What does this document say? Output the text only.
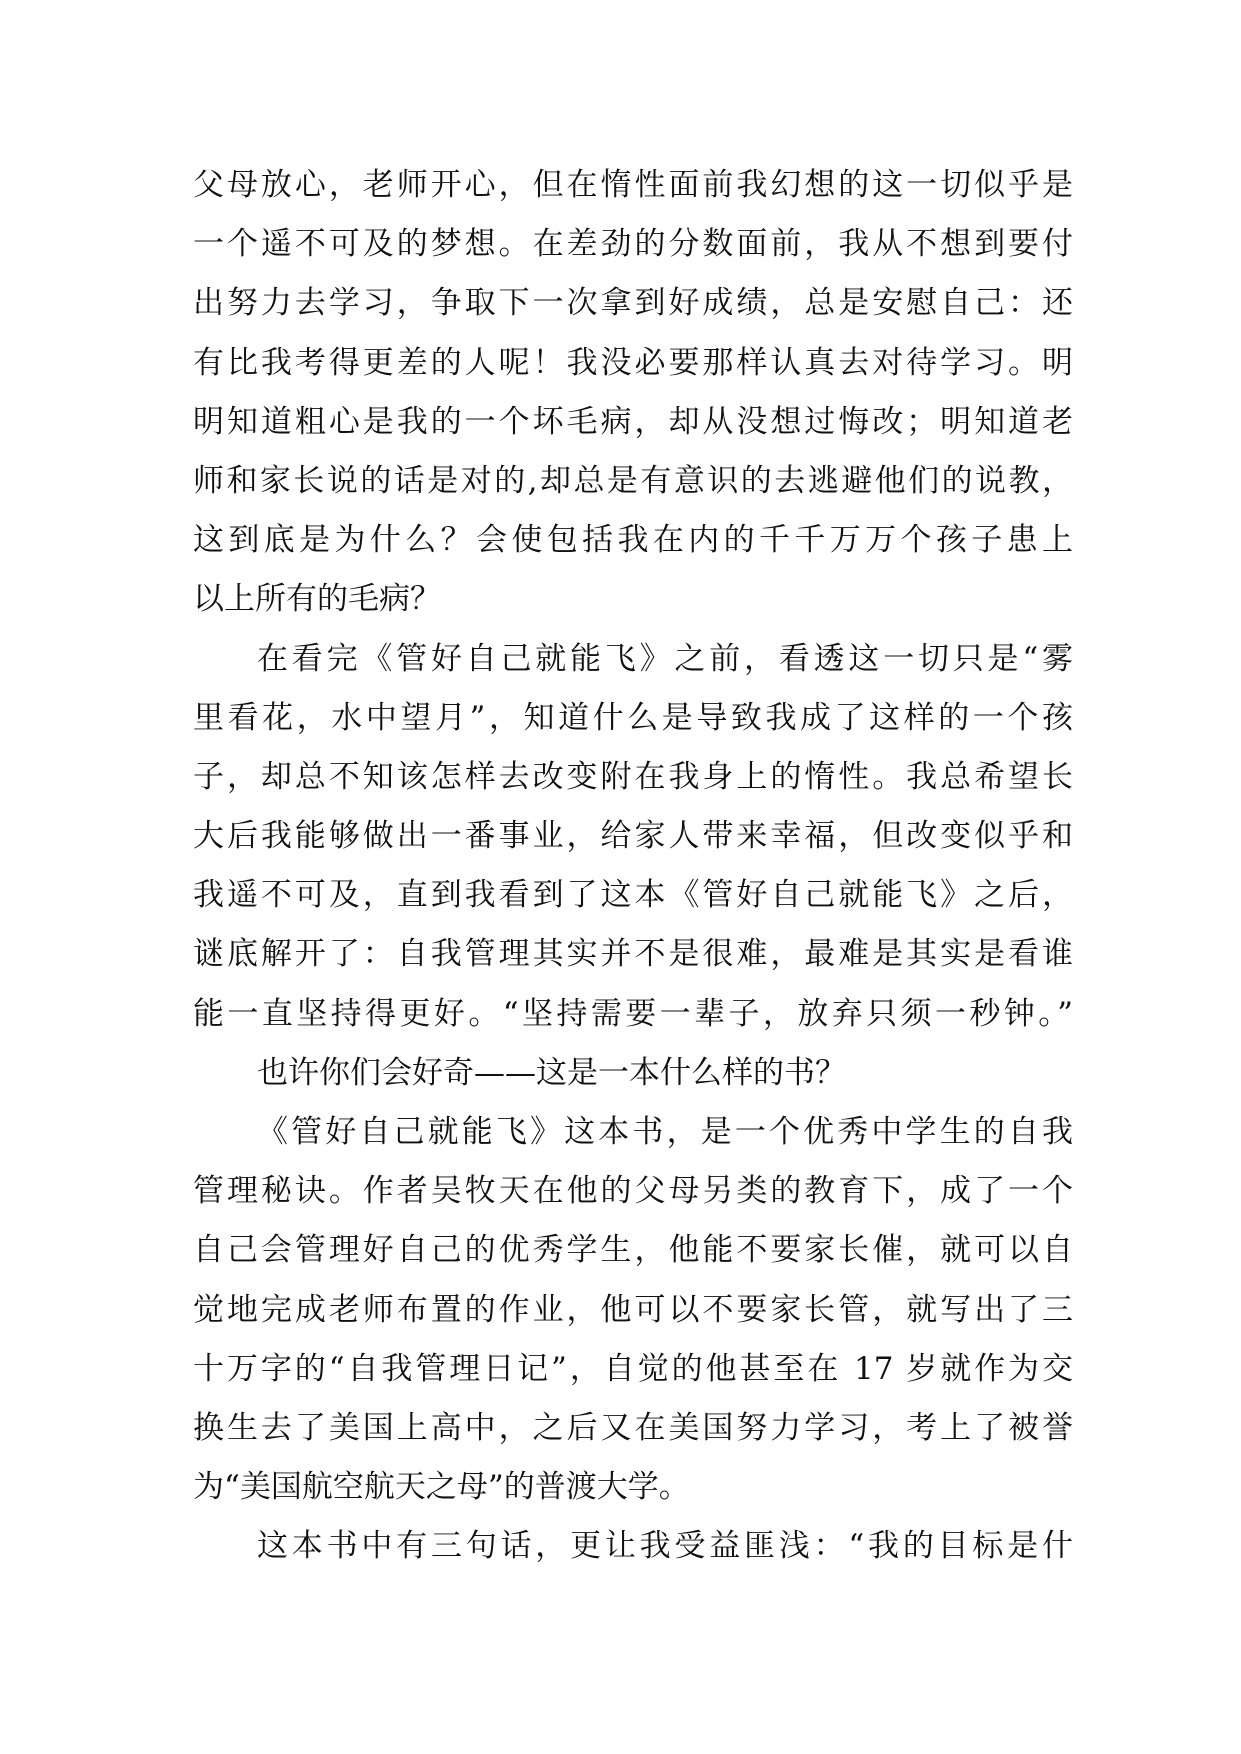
父母放心，老师开心，但在惰性面前我幻想的这一切似乎是
一个遥不可及的梦想。在差劲的分数面前，我从不想到要付
出努力去学习，争取下一次拿到好成绩，总是安慰自己：还
有比我考得更差的人呢！我没必要那样认真去对待学习。明
明知道粗心是我的一个坏毛病，却从没想过悔改；明知道老
师和家长说的话是对的,却总是有意识的去逃避他们的说教，
这到底是为什么？会使包括我在内的千千万万个孩子患上
以上所有的毛病？
在看完《管好自己就能飞》之前，看透这一切只是“雾
里看花，水中望月”，知道什么是导致我成了这样的一个孩
子，却总不知该怎样去改变附在我身上的惰性。我总希望长
大后我能够做出一番事业，给家人带来幸福，但改变似乎和
我遥不可及，直到我看到了这本《管好自己就能飞》之后，
谜底解开了：自我管理其实并不是很难，最难是其实是看谁
能一直坚持得更好。“坚持需要一辈子，放弃只须一秒钟。”
也许你们会好奇——这是一本什么样的书？
《管好自己就能飞》这本书，是一个优秀中学生的自我
管理秘诀。作者吴牧天在他的父母另类的教育下，成了一个
自己会管理好自己的优秀学生，他能不要家长催，就可以自
觉地完成老师布置的作业，他可以不要家长管，就写出了三
十万字的“自我管理日记”，自觉的他甚至在 17 岁就作为交
换生去了美国上高中，之后又在美国努力学习，考上了被誉
为“美国航空航天之母”的普渡大学。
这本书中有三句话，更让我受益匪浅：“我的目标是什
